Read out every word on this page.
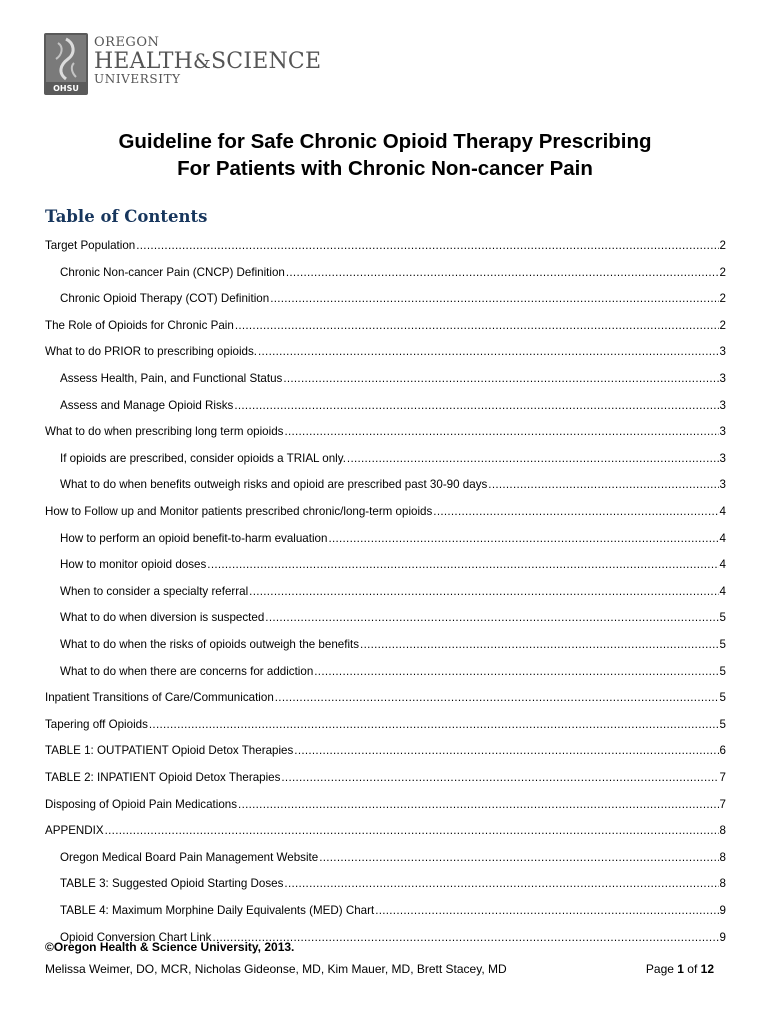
OHSU
OREGON
HEALTH&SCIENCE
UNIVERSITY
Guideline for Safe Chronic Opioid Therapy Prescribing
For Patients with Chronic Non-cancer Pain
Table of Contents
Target Population .....	2
Chronic Non-cancer Pain (CNCP) Definition .....	2
Chronic Opioid Therapy (COT) Definition .....	2
The Role of Opioids for Chronic Pain .....	2
What to do PRIOR to prescribing opioids. .....	3
Assess Health, Pain, and Functional Status .....	3
Assess and Manage Opioid Risks .....	3
What to do when prescribing long term opioids .....	3
If opioids are prescribed, consider opioids a TRIAL only. .....	3
What to do when benefits outweigh risks and opioid are prescribed past 30-90 days .....	3
How to Follow up and Monitor patients prescribed chronic/long-term opioids .....	4
How to perform an opioid benefit-to-harm evaluation .....	4
How to monitor opioid doses .....	4
When to consider a specialty referral .....	4
What to do when diversion is suspected .....	5
What to do when the risks of opioids outweigh the benefits .....	5
What to do when there are concerns for addiction .....	5
Inpatient Transitions of Care/Communication .....	5
Tapering off Opioids .....	5
TABLE 1: OUTPATIENT Opioid Detox Therapies .....	6
TABLE 2: INPATIENT Opioid Detox Therapies .....	7
Disposing of Opioid Pain Medications .....	7
APPENDIX .....	8
Oregon Medical Board Pain Management Website .....	8
TABLE 3: Suggested Opioid Starting Doses .....	8
TABLE 4: Maximum Morphine Daily Equivalents (MED) Chart .....	9
Opioid Conversion Chart Link .....	9
©Oregon Health & Science University, 2013.
Melissa Weimer, DO, MCR, Nicholas Gideonse, MD, Kim Mauer, MD, Brett Stacey, MD	Page 1 of 12
